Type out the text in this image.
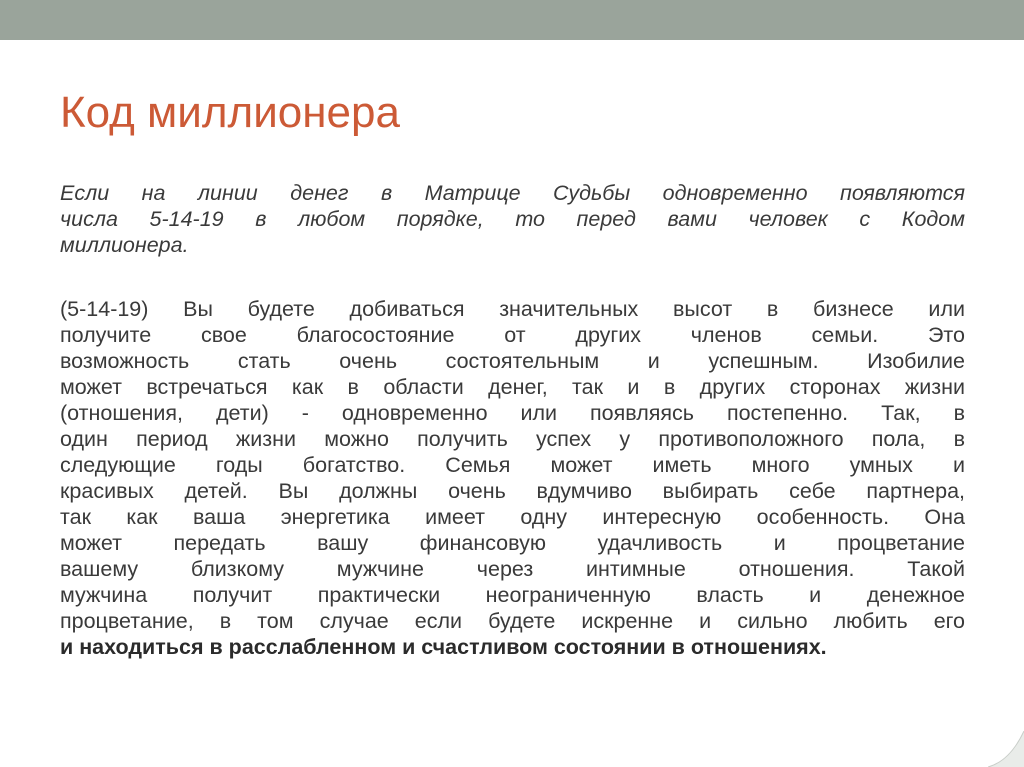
Код миллионера
Если на линии денег в Матрице Судьбы одновременно появляются
числа 5-14-19 в любом порядке, то перед вами человек с Кодом
миллионера.
(5-14-19) Вы будете добиваться значительных высот в бизнесе или
получите свое благосостояние от других членов семьи. Это
возможность стать очень состоятельным и успешным. Изобилие
может встречаться как в области денег, так и в других сторонах жизни
(отношения, дети) - одновременно или появляясь постепенно. Так, в
один период жизни можно получить успех у противоположного пола, в
следующие годы богатство. Семья может иметь много умных и
красивых детей. Вы должны очень вдумчиво выбирать себе партнера,
так как ваша энергетика имеет одну интересную особенность. Она
может передать вашу финансовую удачливость и процветание
вашему близкому мужчине через интимные отношения. Такой
мужчина получит практически неограниченную власть и денежное
процветание, в том случае если будете искренне и сильно любить его
и находиться в расслабленном и счастливом состоянии в отношениях.
